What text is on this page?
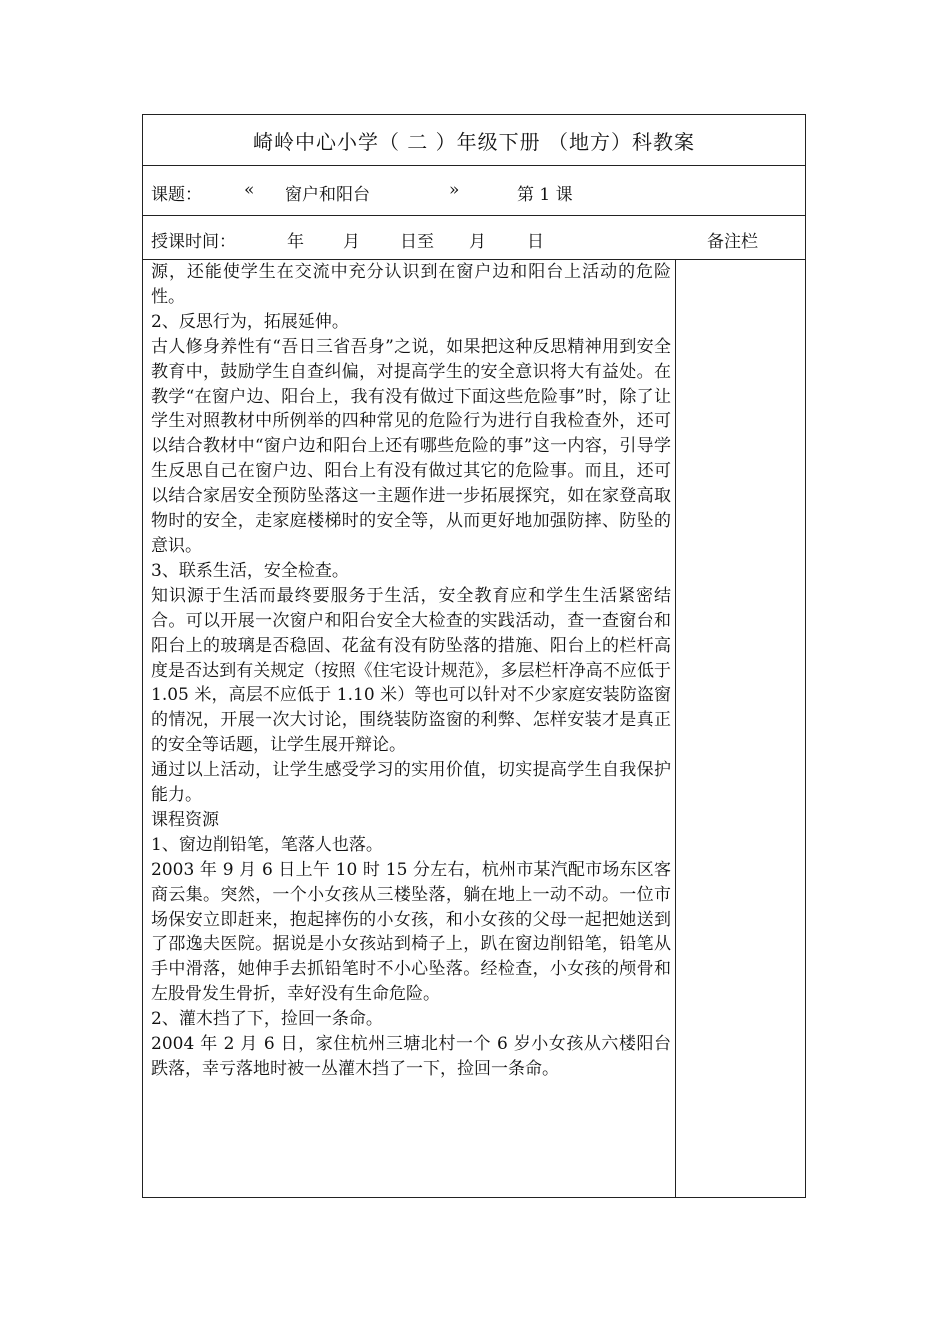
崎岭中心小学（ 二 ）年级下册 （地方）科教案
课题： « 窗户和阳台	»	第 1 课
授课时间：	年 月 日至 月 日	备注栏

源，还能使学生在交流中充分认识到在窗户边和阳台上活动的危险性。

2、反思行为，拓展延伸。

古人修身养性有“吾日三省吾身”之说，如果把这种反思精神用到安全教育中，鼓励学生自查纠偏，对提高学生的安全意识将大有益处。在教学“在窗户边、阳台上，我有没有做过下面这些危险事”时，除了让学生对照教材中所例举的四种常见的危险行为进行自我检查外，还可以结合教材中“窗户边和阳台上还有哪些危险的事”这一内容，引导学生反思自己在窗户边、阳台上有没有做过其它的危险事。而且，还可以结合家居安全预防坠落这一主题作进一步拓展探究，如在家登高取物时的安全，走家庭楼梯时的安全等，从而更好地加强防摔、防坠的意识。

3、联系生活，安全检查。

知识源于生活而最终要服务于生活，安全教育应和学生生活紧密结合。可以开展一次窗户和阳台安全大检查的实践活动，查一查窗台和阳台上的玻璃是否稳固、花盆有没有防坠落的措施、阳台上的栏杆高度是否达到有关规定（按照《住宅设计规范》，多层栏杆净高不应低于 1.05 米，高层不应低于 1.10 米）等也可以针对不少家庭安装防盗窗的情况，开展一次大讨论，围绕装防盗窗的利弊、怎样安装才是真正的安全等话题，让学生展开辩论。

通过以上活动，让学生感受学习的实用价值，切实提高学生自我保护能力。

课程资源

1、窗边削铅笔，笔落人也落。

2003 年 9 月 6 日上午 10 时 15 分左右，杭州市某汽配市场东区客商云集。突然，一个小女孩从三楼坠落，躺在地上一动不动。一位市场保安立即赶来，抱起摔伤的小女孩，和小女孩的父母一起把她送到了邵逸夫医院。据说是小女孩站到椅子上，趴在窗边削铅笔，铅笔从手中滑落，她伸手去抓铅笔时不小心坠落。经检查，小女孩的颅骨和左股骨发生骨折，幸好没有生命危险。

2、灌木挡了下，捡回一条命。

2004 年 2 月 6 日，家住杭州三塘北村一个 6 岁小女孩从六楼阳台跌落，幸亏落地时被一丛灌木挡了一下，捡回一条命。
